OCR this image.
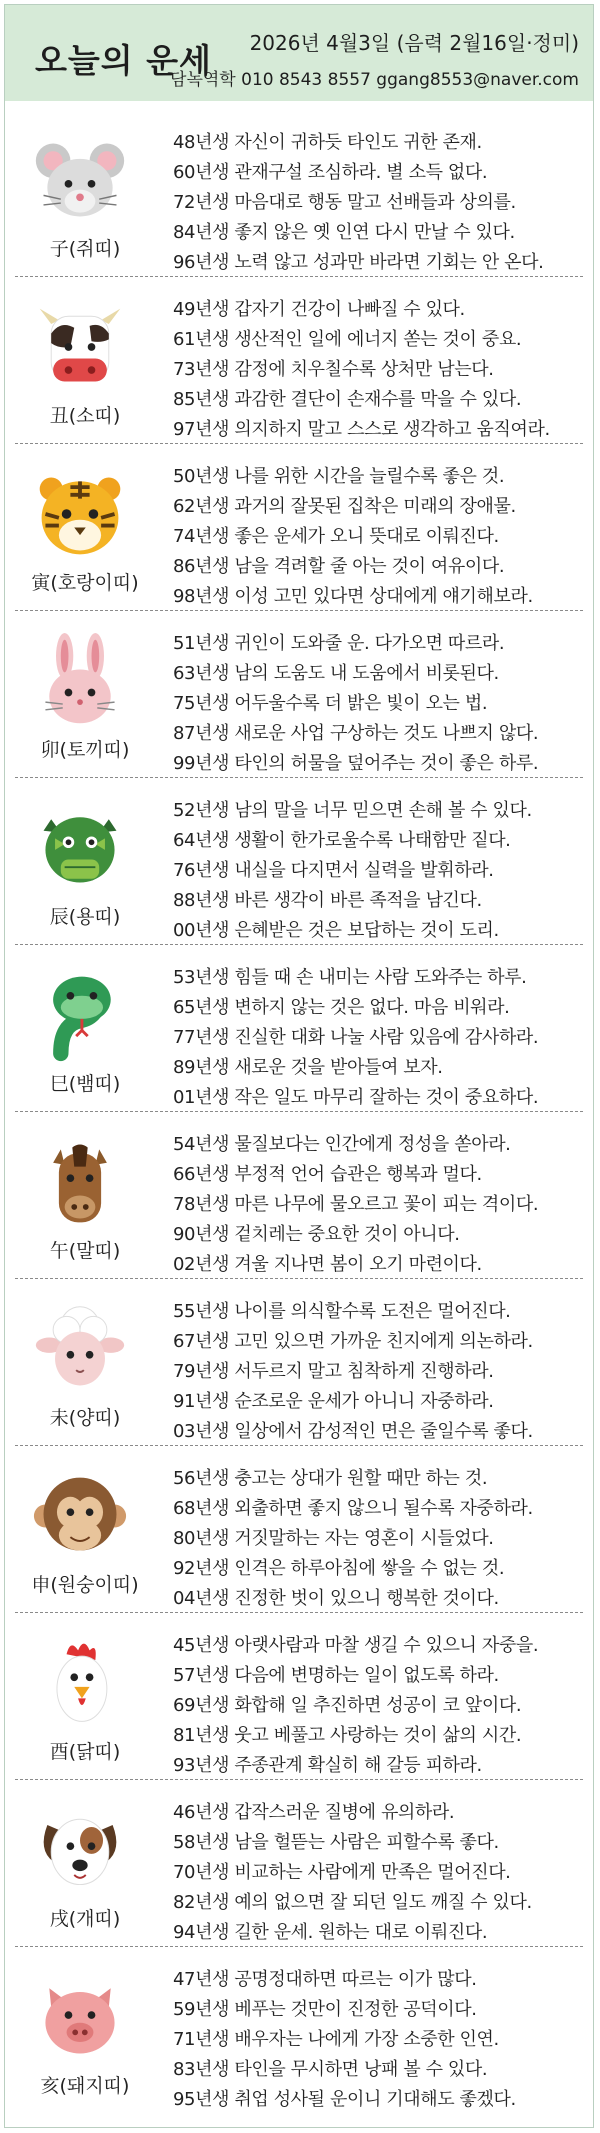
오늘의 운세 2026년 4월3일 (음력 2월16일·정미)
담녹역학 010 8543 8557 ggang8553@naver.com
子(쥐띠)
48년생 자신이 귀하듯 타인도 귀한 존재.
60년생 관재구설 조심하라. 별 소득 없다.
72년생 마음대로 행동 말고 선배들과 상의를.
84년생 좋지 않은 옛 인연 다시 만날 수 있다.
96년생 노력 않고 성과만 바라면 기회는 안 온다.
丑(소띠)
49년생 갑자기 건강이 나빠질 수 있다.
61년생 생산적인 일에 에너지 쏟는 것이 중요.
73년생 감정에 치우칠수록 상처만 남는다.
85년생 과감한 결단이 손재수를 막을 수 있다.
97년생 의지하지 말고 스스로 생각하고 움직여라.
寅(호랑이띠)
50년생 나를 위한 시간을 늘릴수록 좋은 것.
62년생 과거의 잘못된 집착은 미래의 장애물.
74년생 좋은 운세가 오니 뜻대로 이뤄진다.
86년생 남을 격려할 줄 아는 것이 여유이다.
98년생 이성 고민 있다면 상대에게 얘기해보라.
卯(토끼띠)
51년생 귀인이 도와줄 운. 다가오면 따르라.
63년생 남의 도움도 내 도움에서 비롯된다.
75년생 어두울수록 더 밝은 빛이 오는 법.
87년생 새로운 사업 구상하는 것도 나쁘지 않다.
99년생 타인의 허물을 덮어주는 것이 좋은 하루.
辰(용띠)
52년생 남의 말을 너무 믿으면 손해 볼 수 있다.
64년생 생활이 한가로울수록 나태함만 짙다.
76년생 내실을 다지면서 실력을 발휘하라.
88년생 바른 생각이 바른 족적을 남긴다.
00년생 은혜받은 것은 보답하는 것이 도리.
巳(뱀띠)
53년생 힘들 때 손 내미는 사람 도와주는 하루.
65년생 변하지 않는 것은 없다. 마음 비워라.
77년생 진실한 대화 나눌 사람 있음에 감사하라.
89년생 새로운 것을 받아들여 보자.
01년생 작은 일도 마무리 잘하는 것이 중요하다.
午(말띠)
54년생 물질보다는 인간에게 정성을 쏟아라.
66년생 부정적 언어 습관은 행복과 멀다.
78년생 마른 나무에 물오르고 꽃이 피는 격이다.
90년생 겉치레는 중요한 것이 아니다.
02년생 겨울 지나면 봄이 오기 마련이다.
未(양띠)
55년생 나이를 의식할수록 도전은 멀어진다.
67년생 고민 있으면 가까운 친지에게 의논하라.
79년생 서두르지 말고 침착하게 진행하라.
91년생 순조로운 운세가 아니니 자중하라.
03년생 일상에서 감성적인 면은 줄일수록 좋다.
申(원숭이띠)
56년생 충고는 상대가 원할 때만 하는 것.
68년생 외출하면 좋지 않으니 될수록 자중하라.
80년생 거짓말하는 자는 영혼이 시들었다.
92년생 인격은 하루아침에 쌓을 수 없는 것.
04년생 진정한 벗이 있으니 행복한 것이다.
酉(닭띠)
45년생 아랫사람과 마찰 생길 수 있으니 자중을.
57년생 다음에 변명하는 일이 없도록 하라.
69년생 화합해 일 추진하면 성공이 코 앞이다.
81년생 웃고 베풀고 사랑하는 것이 삶의 시간.
93년생 주종관계 확실히 해 갈등 피하라.
戌(개띠)
46년생 갑작스러운 질병에 유의하라.
58년생 남을 헐뜯는 사람은 피할수록 좋다.
70년생 비교하는 사람에게 만족은 멀어진다.
82년생 예의 없으면 잘 되던 일도 깨질 수 있다.
94년생 길한 운세. 원하는 대로 이뤄진다.
亥(돼지띠)
47년생 공명정대하면 따르는 이가 많다.
59년생 베푸는 것만이 진정한 공덕이다.
71년생 배우자는 나에게 가장 소중한 인연.
83년생 타인을 무시하면 낭패 볼 수 있다.
95년생 취업 성사될 운이니 기대해도 좋겠다.
